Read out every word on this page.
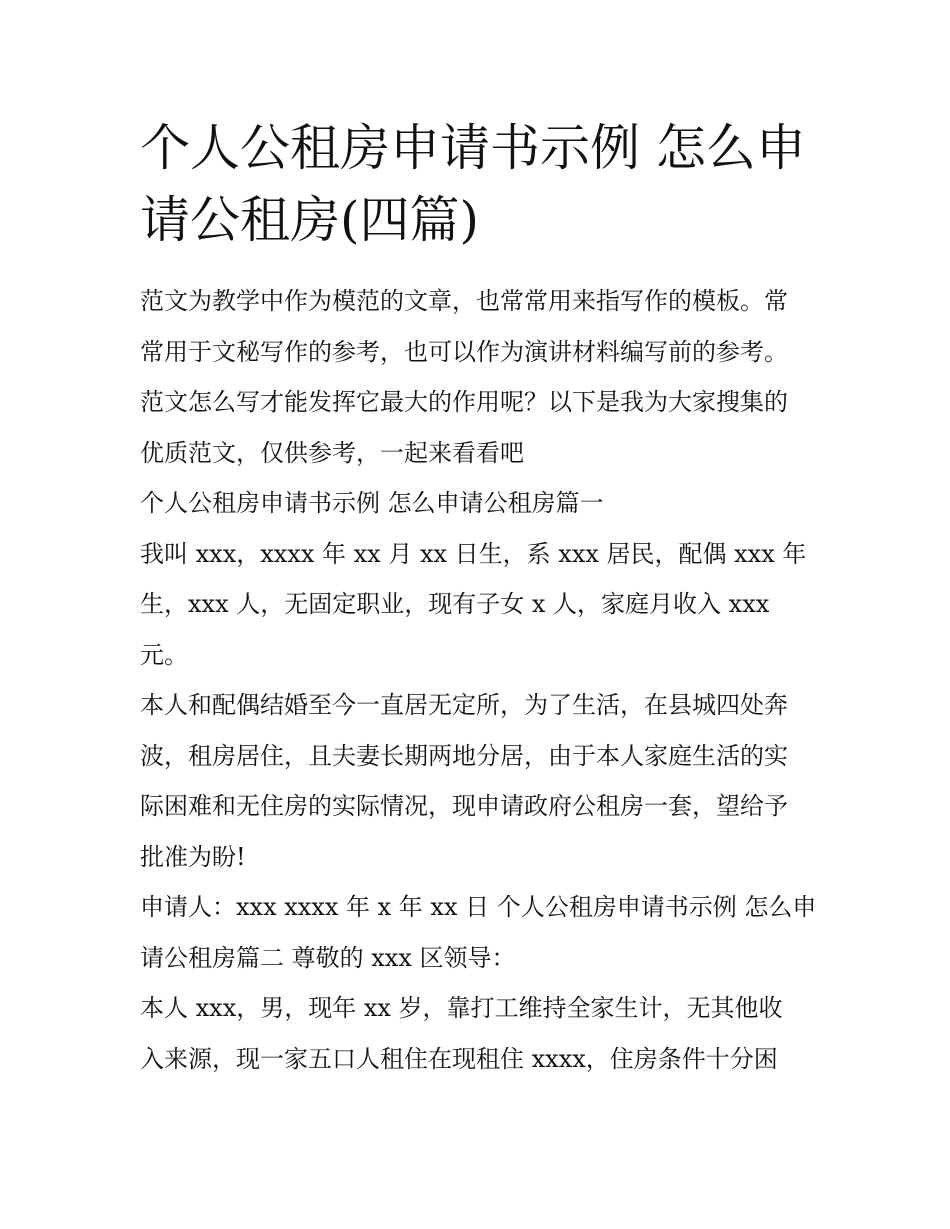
个人公租房申请书示例 怎么申
请公租房(四篇)
范文为教学中作为模范的文章，也常常用来指写作的模板。常
常用于文秘写作的参考，也可以作为演讲材料编写前的参考。
范文怎么写才能发挥它最大的作用呢？以下是我为大家搜集的
优质范文，仅供参考，一起来看看吧
个人公租房申请书示例 怎么申请公租房篇一
我叫 xxx，xxxx 年 xx 月 xx 日生，系 xxx 居民，配偶 xxx 年
生，xxx 人，无固定职业，现有子女 x 人，家庭月收入 xxx
元。
本人和配偶结婚至今一直居无定所，为了生活，在县城四处奔
波，租房居住，且夫妻长期两地分居，由于本人家庭生活的实
际困难和无住房的实际情况，现申请政府公租房一套，望给予
批准为盼!
申请人：xxx xxxx 年 x 年 xx 日 个人公租房申请书示例 怎么申
请公租房篇二 尊敬的 xxx 区领导：
本人 xxx，男，现年 xx 岁，靠打工维持全家生计，无其他收
入来源，现一家五口人租住在现租住 xxxx，住房条件十分困
